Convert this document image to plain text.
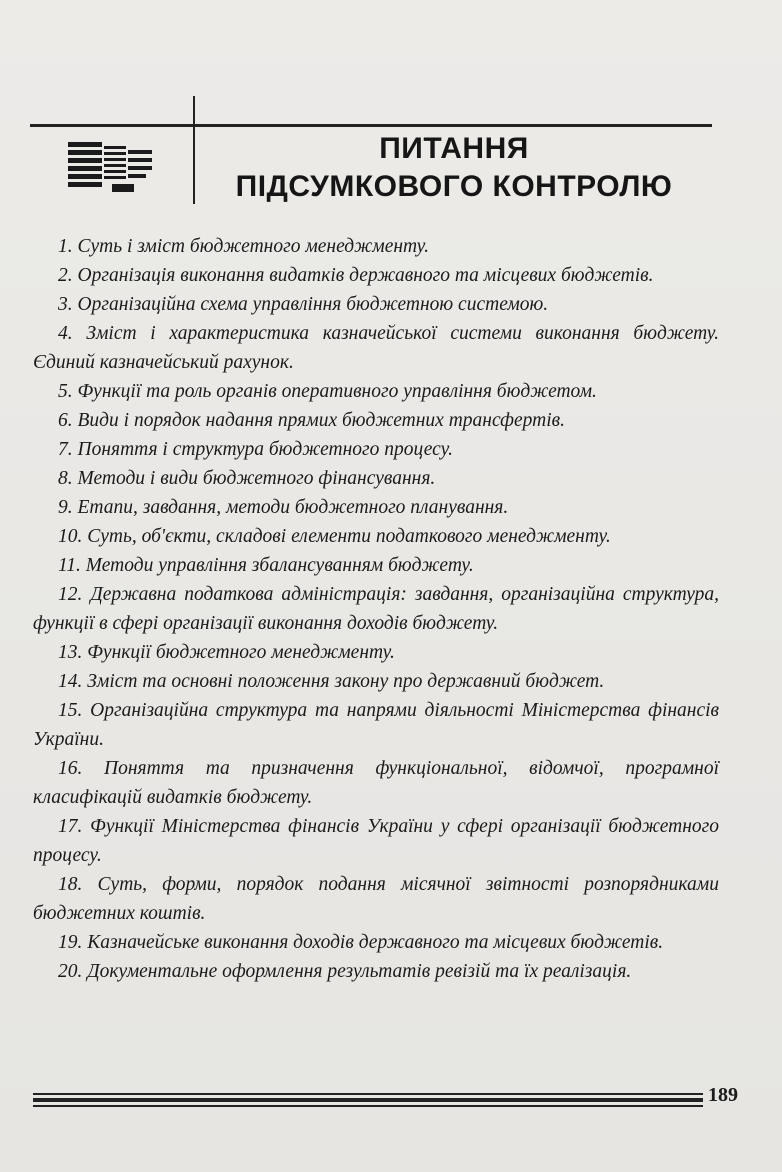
ПИТАННЯ
ПІДСУМКОВОГО КОНТРОЛЮ

1. Суть і зміст бюджетного менеджменту.

2. Організація виконання видатків державного та місцевих бюджетів.

3. Організаційна схема управління бюджетною системою.

4. Зміст і характеристика казначейської системи виконання бюджету. Єдиний казначейський рахунок.

5. Функції та роль органів оперативного управління бюджетом.

6. Види і порядок надання прямих бюджетних трансфертів.

7. Поняття і структура бюджетного процесу.

8. Методи і види бюджетного фінансування.

9. Етапи, завдання, методи бюджетного планування.

10. Суть, об'єкти, складові елементи податкового менеджменту.

11. Методи управління збалансуванням бюджету.

12. Державна податкова адміністрація: завдання, організаційна структура, функції в сфері організації виконання доходів бюджету.

13. Функції бюджетного менеджменту.

14. Зміст та основні положення закону про державний бюджет.

15. Організаційна структура та напрями діяльності Міністерства фінансів України.

16. Поняття та призначення функціональної, відомчої, програмної класифікацій видатків бюджету.

17. Функції Міністерства фінансів України у сфері організації бюджетного процесу.

18. Суть, форми, порядок подання місячної звітності розпорядниками бюджетних коштів.

19. Казначейське виконання доходів державного та місцевих бюджетів.

20. Документальне оформлення результатів ревізій та їх реалізація.

189
